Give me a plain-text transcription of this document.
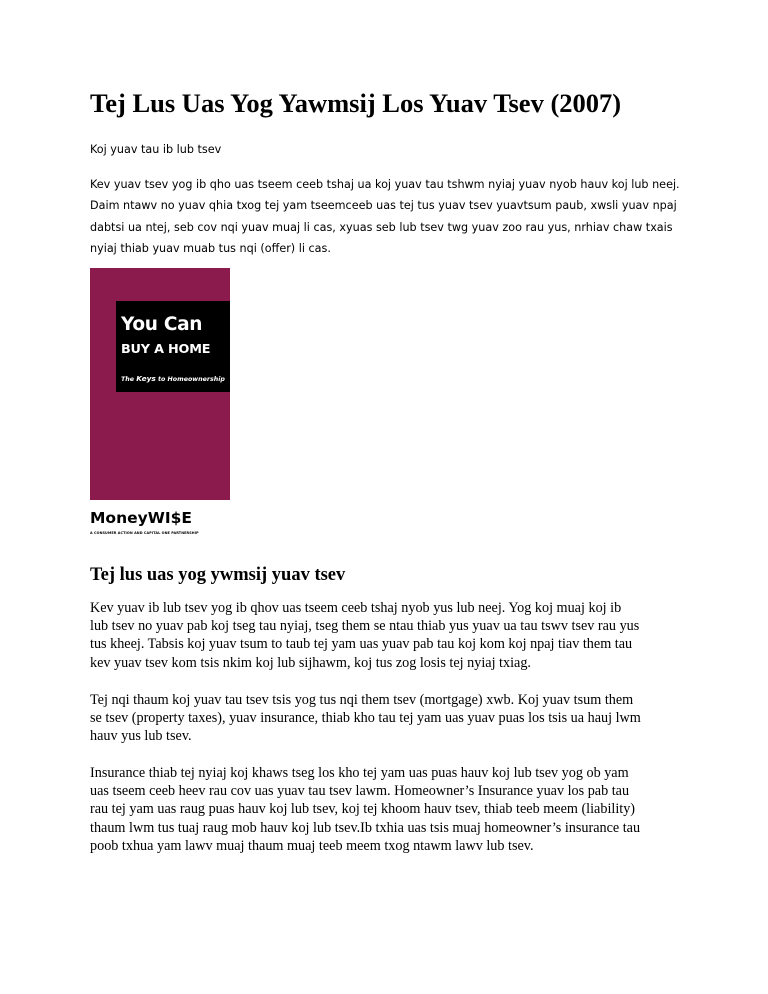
Tej Lus Uas Yog Yawmsij Los Yuav Tsev (2007)

Koj yuav tau ib lub tsev

Kev yuav tsev yog ib qho uas tseem ceeb tshaj ua koj yuav tau tshwm nyiaj yuav nyob hauv koj lub neej.
Daim ntawv no yuav qhia txog tej yam tseemceeb uas tej tus yuav tsev yuavtsum paub, xwsli yuav npaj
dabtsi ua ntej, seb cov nqi yuav muaj li cas, xyuas seb lub tsev twg yuav zoo rau yus, nrhiav chaw txais
nyiaj thiab yuav muab tus nqi (offer) li cas.
You Can
BUY A HOME
The Keys to Homeownership
MoneyWI$E
A CONSUMER ACTION AND CAPITAL ONE PARTNERSHIP
Tej lus uas yog ywmsij yuav tsev
Kev yuav ib lub tsev yog ib qhov uas tseem ceeb tshaj nyob yus lub neej. Yog koj muaj koj ib
lub tsev no yuav pab koj tseg tau nyiaj, tseg them se ntau thiab yus yuav ua tau tswv tsev rau yus
tus kheej. Tabsis koj yuav tsum to taub tej yam uas yuav pab tau koj kom koj npaj tiav them tau
kev yuav tsev kom tsis nkim koj lub sijhawm, koj tus zog losis tej nyiaj txiag.
Tej nqi thaum koj yuav tau tsev tsis yog tus nqi them tsev (mortgage) xwb. Koj yuav tsum them
se tsev (property taxes), yuav insurance, thiab kho tau tej yam uas yuav puas los tsis ua hauj lwm
hauv yus lub tsev.
Insurance thiab tej nyiaj koj khaws tseg los kho tej yam uas puas hauv koj lub tsev yog ob yam
uas tseem ceeb heev rau cov uas yuav tau tsev lawm. Homeowner’s Insurance yuav los pab tau
rau tej yam uas raug puas hauv koj lub tsev, koj tej khoom hauv tsev, thiab teeb meem (liability)
thaum lwm tus tuaj raug mob hauv koj lub tsev.Ib txhia uas tsis muaj homeowner’s insurance tau
poob txhua yam lawv muaj thaum muaj teeb meem txog ntawm lawv lub tsev.
